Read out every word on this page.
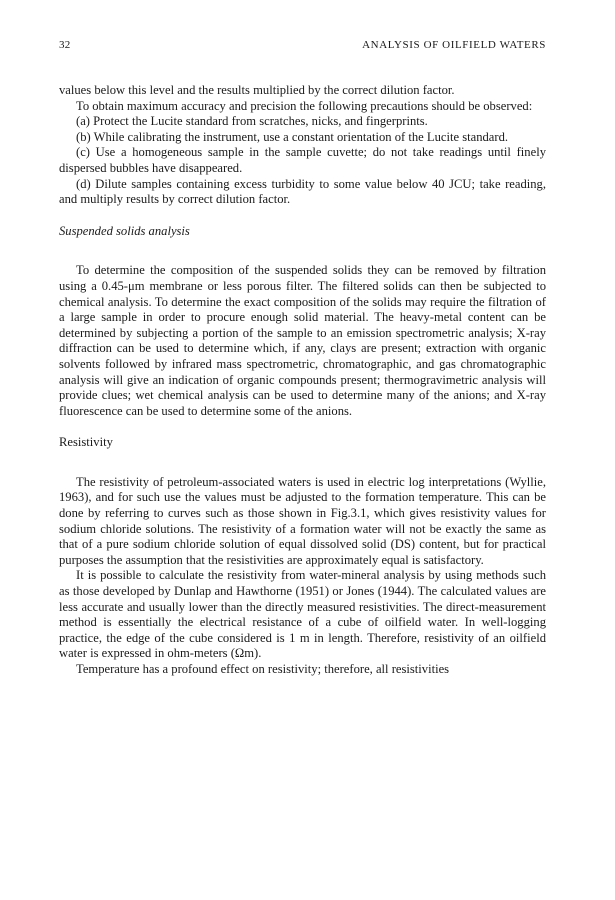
32	ANALYSIS OF OILFIELD WATERS

values below this level and the results multiplied by the correct dilution factor.

To obtain maximum accuracy and precision the following precautions should be observed:

(a) Protect the Lucite standard from scratches, nicks, and fingerprints.

(b) While calibrating the instrument, use a constant orientation of the Lucite standard.

(c) Use a homogeneous sample in the sample cuvette; do not take readings until finely dispersed bubbles have disappeared.

(d) Dilute samples containing excess turbidity to some value below 40 JCU; take reading, and multiply results by correct dilution factor.

Suspended solids analysis

To determine the composition of the suspended solids they can be removed by filtration using a 0.45-μm membrane or less porous filter. The filtered solids can then be subjected to chemical analysis. To determine the exact composition of the solids may require the filtration of a large sample in order to procure enough solid material. The heavy-metal content can be determined by subjecting a portion of the sample to an emission spectrometric analysis; X-ray diffraction can be used to determine which, if any, clays are present; extraction with organic solvents followed by infrared mass spectrometric, chromatographic, and gas chromatographic analysis will give an indication of organic compounds present; thermogravimetric analysis will provide clues; wet chemical analysis can be used to determine many of the anions; and X-ray fluorescence can be used to determine some of the anions.

Resistivity

The resistivity of petroleum-associated waters is used in electric log interpretations (Wyllie, 1963), and for such use the values must be adjusted to the formation temperature. This can be done by referring to curves such as those shown in Fig.3.1, which gives resistivity values for sodium chloride solutions. The resistivity of a formation water will not be exactly the same as that of a pure sodium chloride solution of equal dissolved solid (DS) content, but for practical purposes the assumption that the resistivities are approximately equal is satisfactory.

It is possible to calculate the resistivity from water-mineral analysis by using methods such as those developed by Dunlap and Hawthorne (1951) or Jones (1944). The calculated values are less accurate and usually lower than the directly measured resistivities. The direct-measurement method is essentially the electrical resistance of a cube of oilfield water. In well-logging practice, the edge of the cube considered is 1 m in length. Therefore, resistivity of an oilfield water is expressed in ohm-meters (Ωm).

Temperature has a profound effect on resistivity; therefore, all resistivities
